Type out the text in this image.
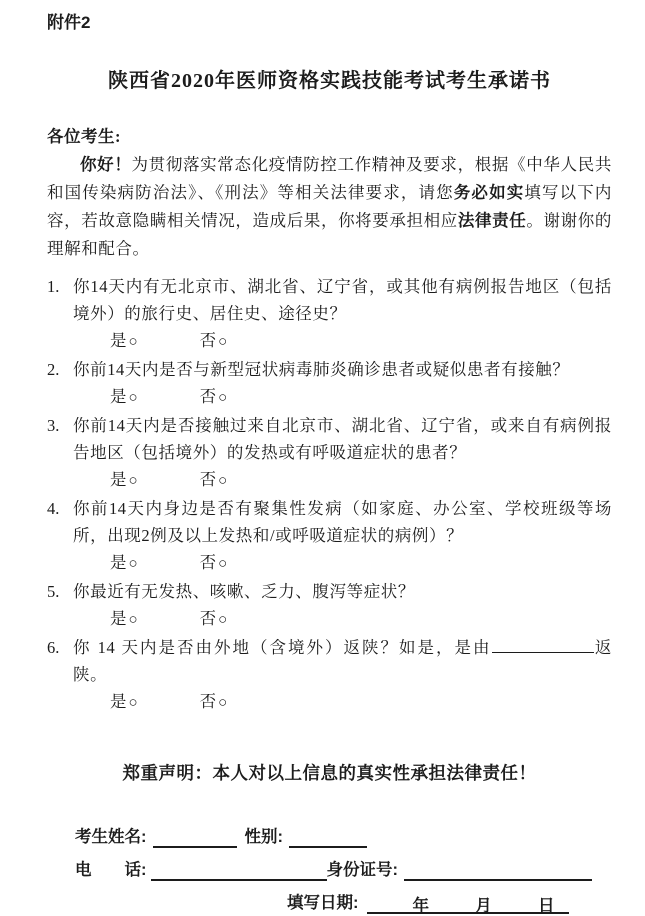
附件2
陕西省2020年医师资格实践技能考试考生承诺书
各位考生:

你好！为贯彻落实常态化疫情防控工作精神及要求，根据《中华人民共和国传染病防治法》、《刑法》等相关法律要求，请您务必如实填写以下内容，若故意隐瞒相关情况，造成后果，你将要承担相应法律责任。谢谢你的理解和配合。

1. 你14天内有无北京市、湖北省、辽宁省，或其他有病例报告地区（包括境外）的旅行史、居住史、途径史？
是 ○	否 ○
2. 你前14天内是否与新型冠状病毒肺炎确诊患者或疑似患者有接触？
是 ○	否 ○
3. 你前14天内是否接触过来自北京市、湖北省、辽宁省，或来自有病例报告地区（包括境外）的发热或有呼吸道症状的患者？
是 ○	否 ○
4. 你前14天内身边是否有聚集性发病（如家庭、办公室、学校班级等场所，出现2例及以上发热和/或呼吸道症状的病例）？
是 ○	否 ○
5. 你最近有无发热、咳嗽、乏力、腹泻等症状？
是 ○	否 ○
6. 你 14 天内是否由外地（含境外）返陕？如是，是由	返陕。
是 ○	否 ○
郑重声明：本人对以上信息的真实性承担法律责任！
考生姓名:	性别:
电　　话:	身份证号:
填写日期:	年	月	日
